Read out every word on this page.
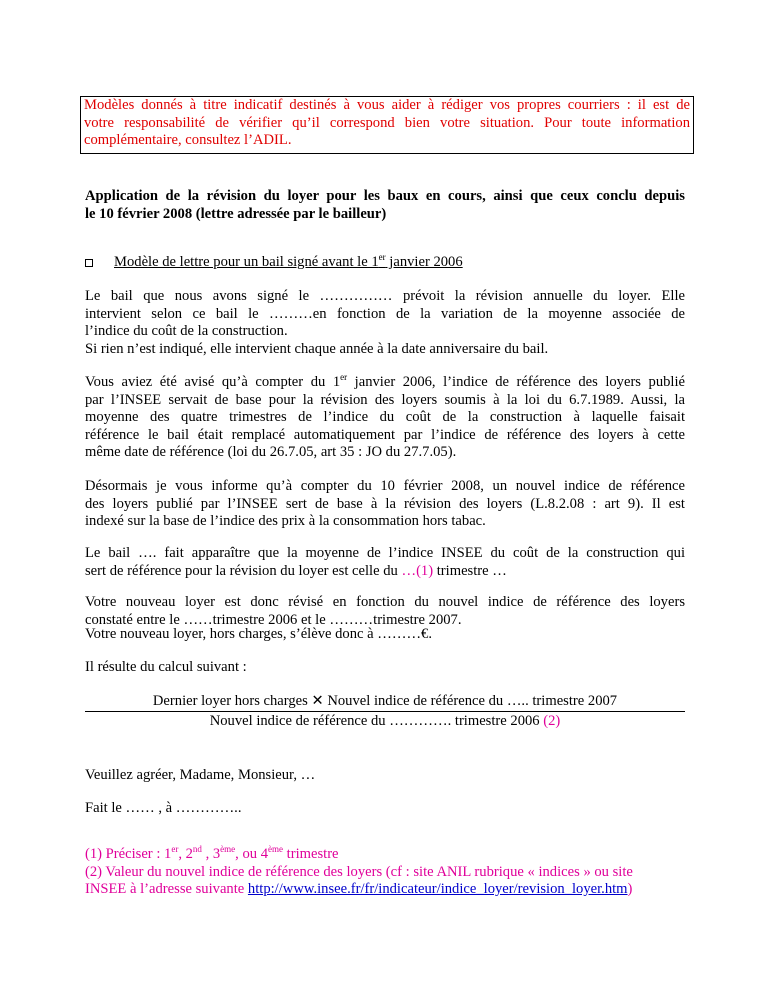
Modèles donnés à titre indicatif destinés à vous aider à rédiger vos propres courriers : il est de
votre responsabilité de vérifier qu’il correspond bien votre situation. Pour toute information
complémentaire, consultez l’ADIL.
Application de la révision du loyer pour les baux en cours, ainsi que ceux conclu depuis
le 10 février 2008 (lettre adressée par le bailleur)
Modèle de lettre pour un bail signé avant le 1er janvier 2006
Le bail que nous avons signé le …………… prévoit la révision annuelle du loyer. Elle
intervient selon ce bail le ………en fonction de la variation de la moyenne associée de
l’indice du coût de la construction.
Si rien n’est indiqué, elle intervient chaque année à la date anniversaire du bail.
Vous aviez été avisé qu’à compter du 1er janvier 2006, l’indice de référence des loyers publié
par l’INSEE servait de base pour la révision des loyers soumis à la loi du 6.7.1989. Aussi, la
moyenne des quatre trimestres de l’indice du coût de la construction à laquelle faisait
référence le bail était remplacé automatiquement par l’indice de référence des loyers à cette
même date de référence (loi du 26.7.05, art 35 : JO du 27.7.05).
Désormais je vous informe qu’à compter du 10 février 2008, un nouvel indice de référence
des loyers publié par l’INSEE sert de base à la révision des loyers (L.8.2.08 : art 9). Il est
indexé sur la base de l’indice des prix à la consommation hors tabac.
Le bail …. fait apparaître que la moyenne de l’indice INSEE du coût de la construction qui
sert de référence pour la révision du loyer est celle du …(1) trimestre …
Votre nouveau loyer est donc révisé en fonction du nouvel indice de référence des loyers
constaté entre le ……trimestre 2006 et le ………trimestre 2007.
Votre nouveau loyer, hors charges, s’élève donc à ………€.
Il résulte du calcul suivant :
Dernier loyer hors charges ✕ Nouvel indice de référence du ….. trimestre 2007
Nouvel indice de référence du …………. trimestre 2006 (2)
Veuillez agréer, Madame, Monsieur, …
Fait le …… , à …………..
(1) Préciser : 1er, 2nd , 3ème, ou 4ème trimestre
(2) Valeur du nouvel indice de référence des loyers (cf : site ANIL rubrique « indices » ou site
INSEE à l’adresse suivante http://www.insee.fr/fr/indicateur/indice_loyer/revision_loyer.htm)
